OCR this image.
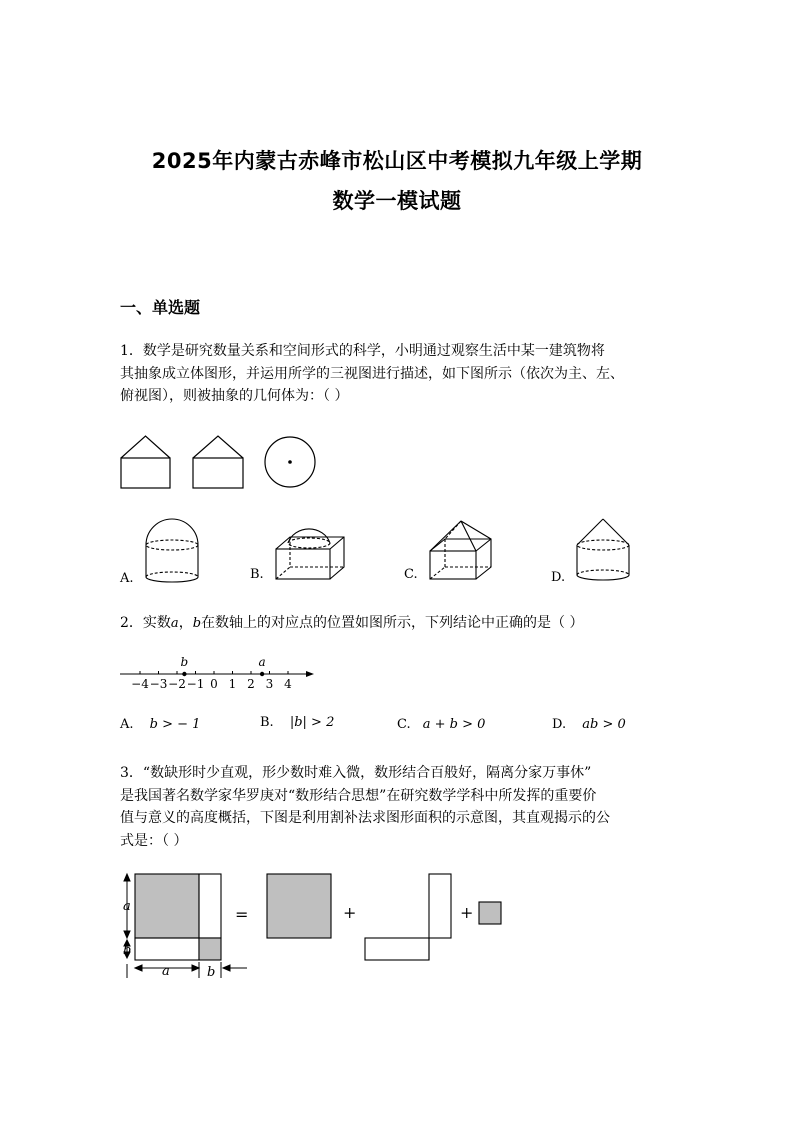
2025年内蒙古赤峰市松山区中考模拟九年级上学期
数学一模试题
一、单选题
1．数学是研究数量关系和空间形式的科学，小明通过观察生活中某一建筑物将
其抽象成立体图形，并运用所学的三视图进行描述，如下图所示（依次为主、左、
俯视图），则被抽象的几何体为：（ ）
A.	B.	C.	D.
2．实数a，b在数轴上的对应点的位置如图所示，下列结论中正确的是（ ）
−4 −3 −2 −1 0 1 2 3 4
b	a
A. b > − 1	B. |b| > 2	C. a + b > 0	D. ab > 0
3．“数缺形时少直观，形少数时难入微，数形结合百般好，隔离分家万事休”
是我国著名数学家华罗庚对“数形结合思想”在研究数学学科中所发挥的重要价
值与意义的高度概括，下图是利用割补法求图形面积的示意图，其直观揭示的公
式是：（ ）
a
b
a	b
=	+	+
